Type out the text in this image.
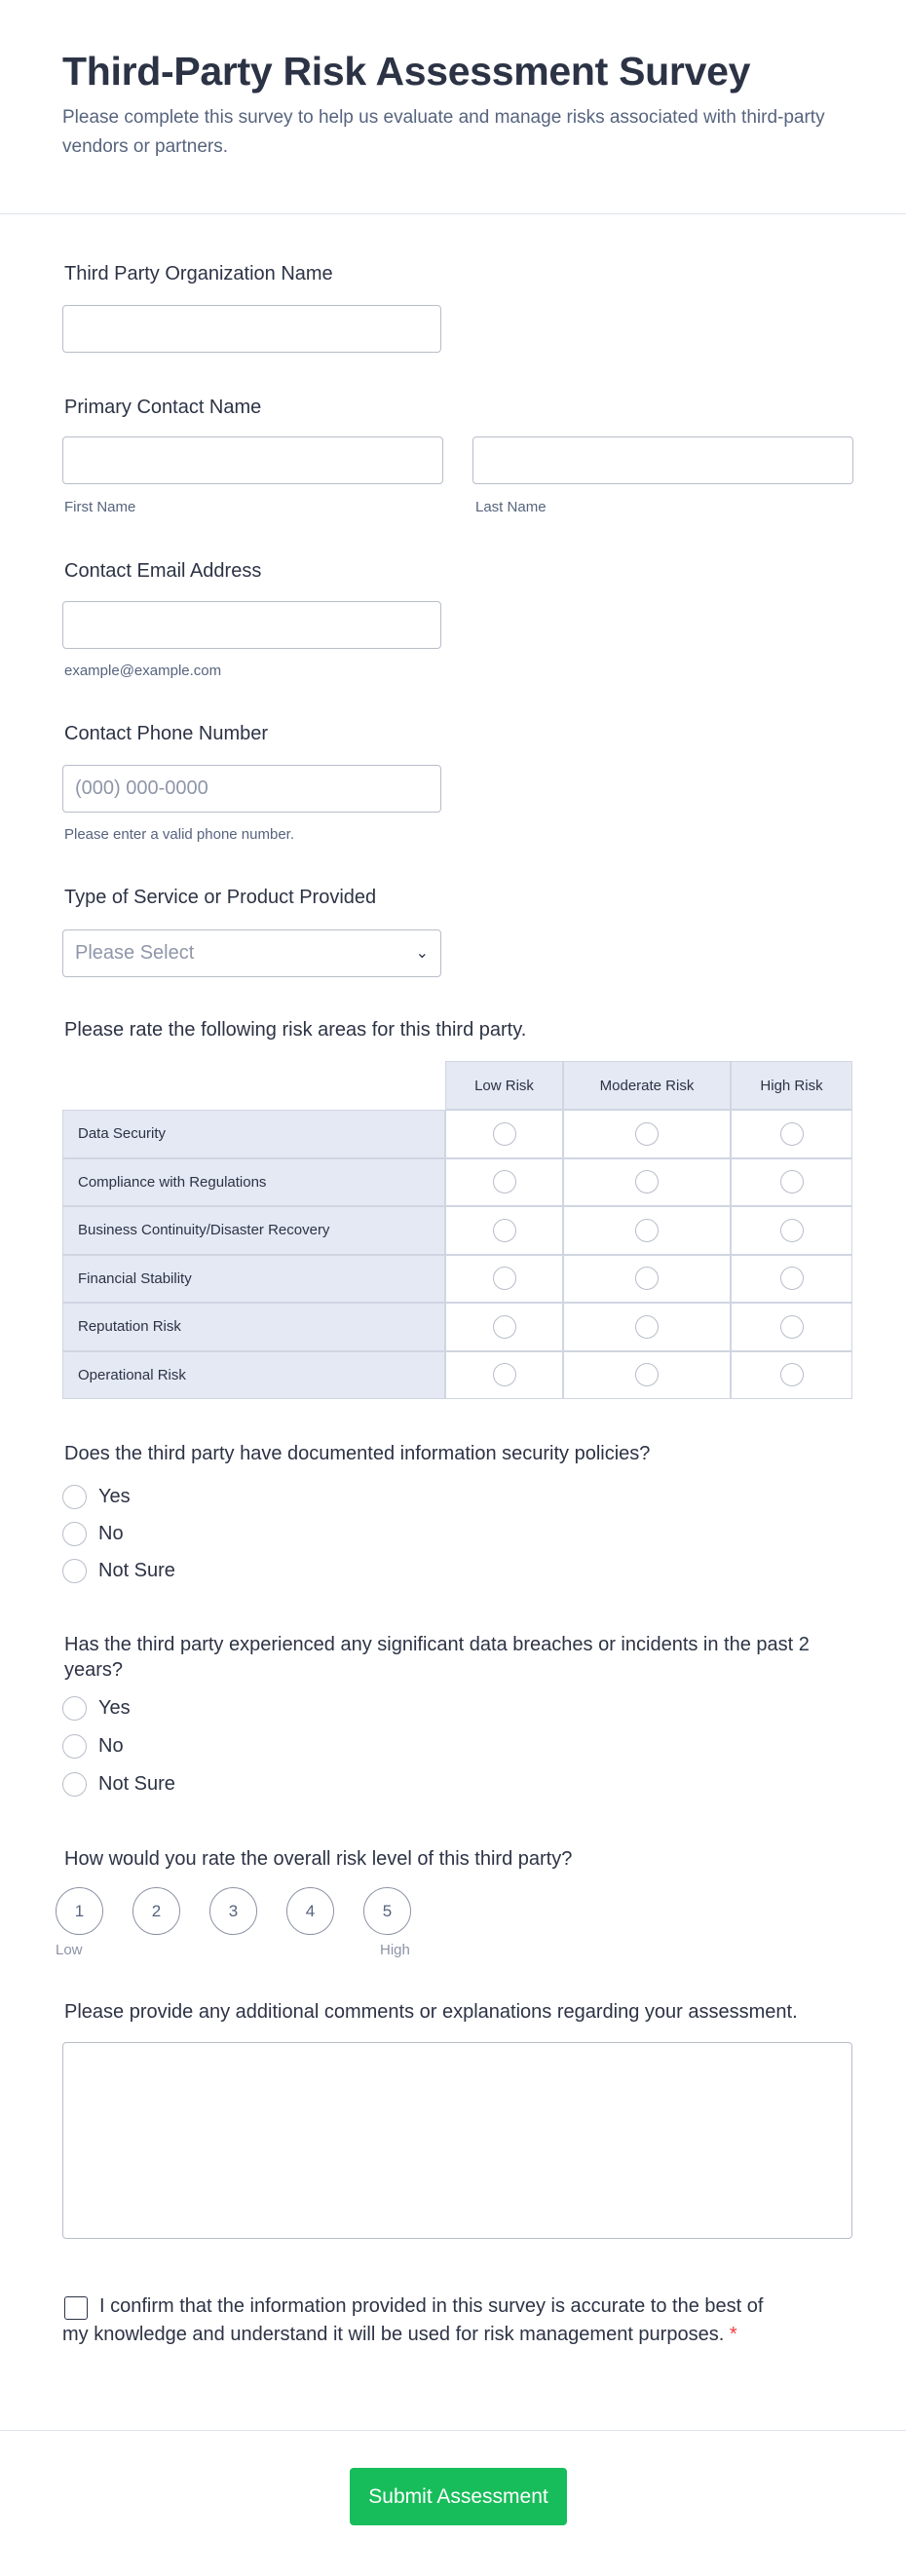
Third-Party Risk Assessment Survey

Please complete this survey to help us evaluate and manage risks associated with third-party vendors or partners.

Third Party Organization Name
Primary Contact Name
First Name	Last Name
Contact Email Address
example@example.com
Contact Phone Number
(000) 000-0000
Please enter a valid phone number.
Type of Service or Product Provided
Please Select	⌄
Please rate the following risk areas for this third party.
	Low Risk	Moderate Risk	High Risk
Data Security			
Compliance with Regulations			
Business Continuity/Disaster Recovery			
Financial Stability			
Reputation Risk			
Operational Risk			
Does the third party have documented information security policies?
Yes
No
Not Sure
Has the third party experienced any significant data breaches or incidents in the past 2 years?
Yes
No
Not Sure
How would you rate the overall risk level of this third party?
1	2	3	4	5
Low	High
Please provide any additional comments or explanations regarding your assessment.
I confirm that the information provided in this survey is accurate to the best of my knowledge and understand it will be used for risk management purposes. *
Submit Assessment
